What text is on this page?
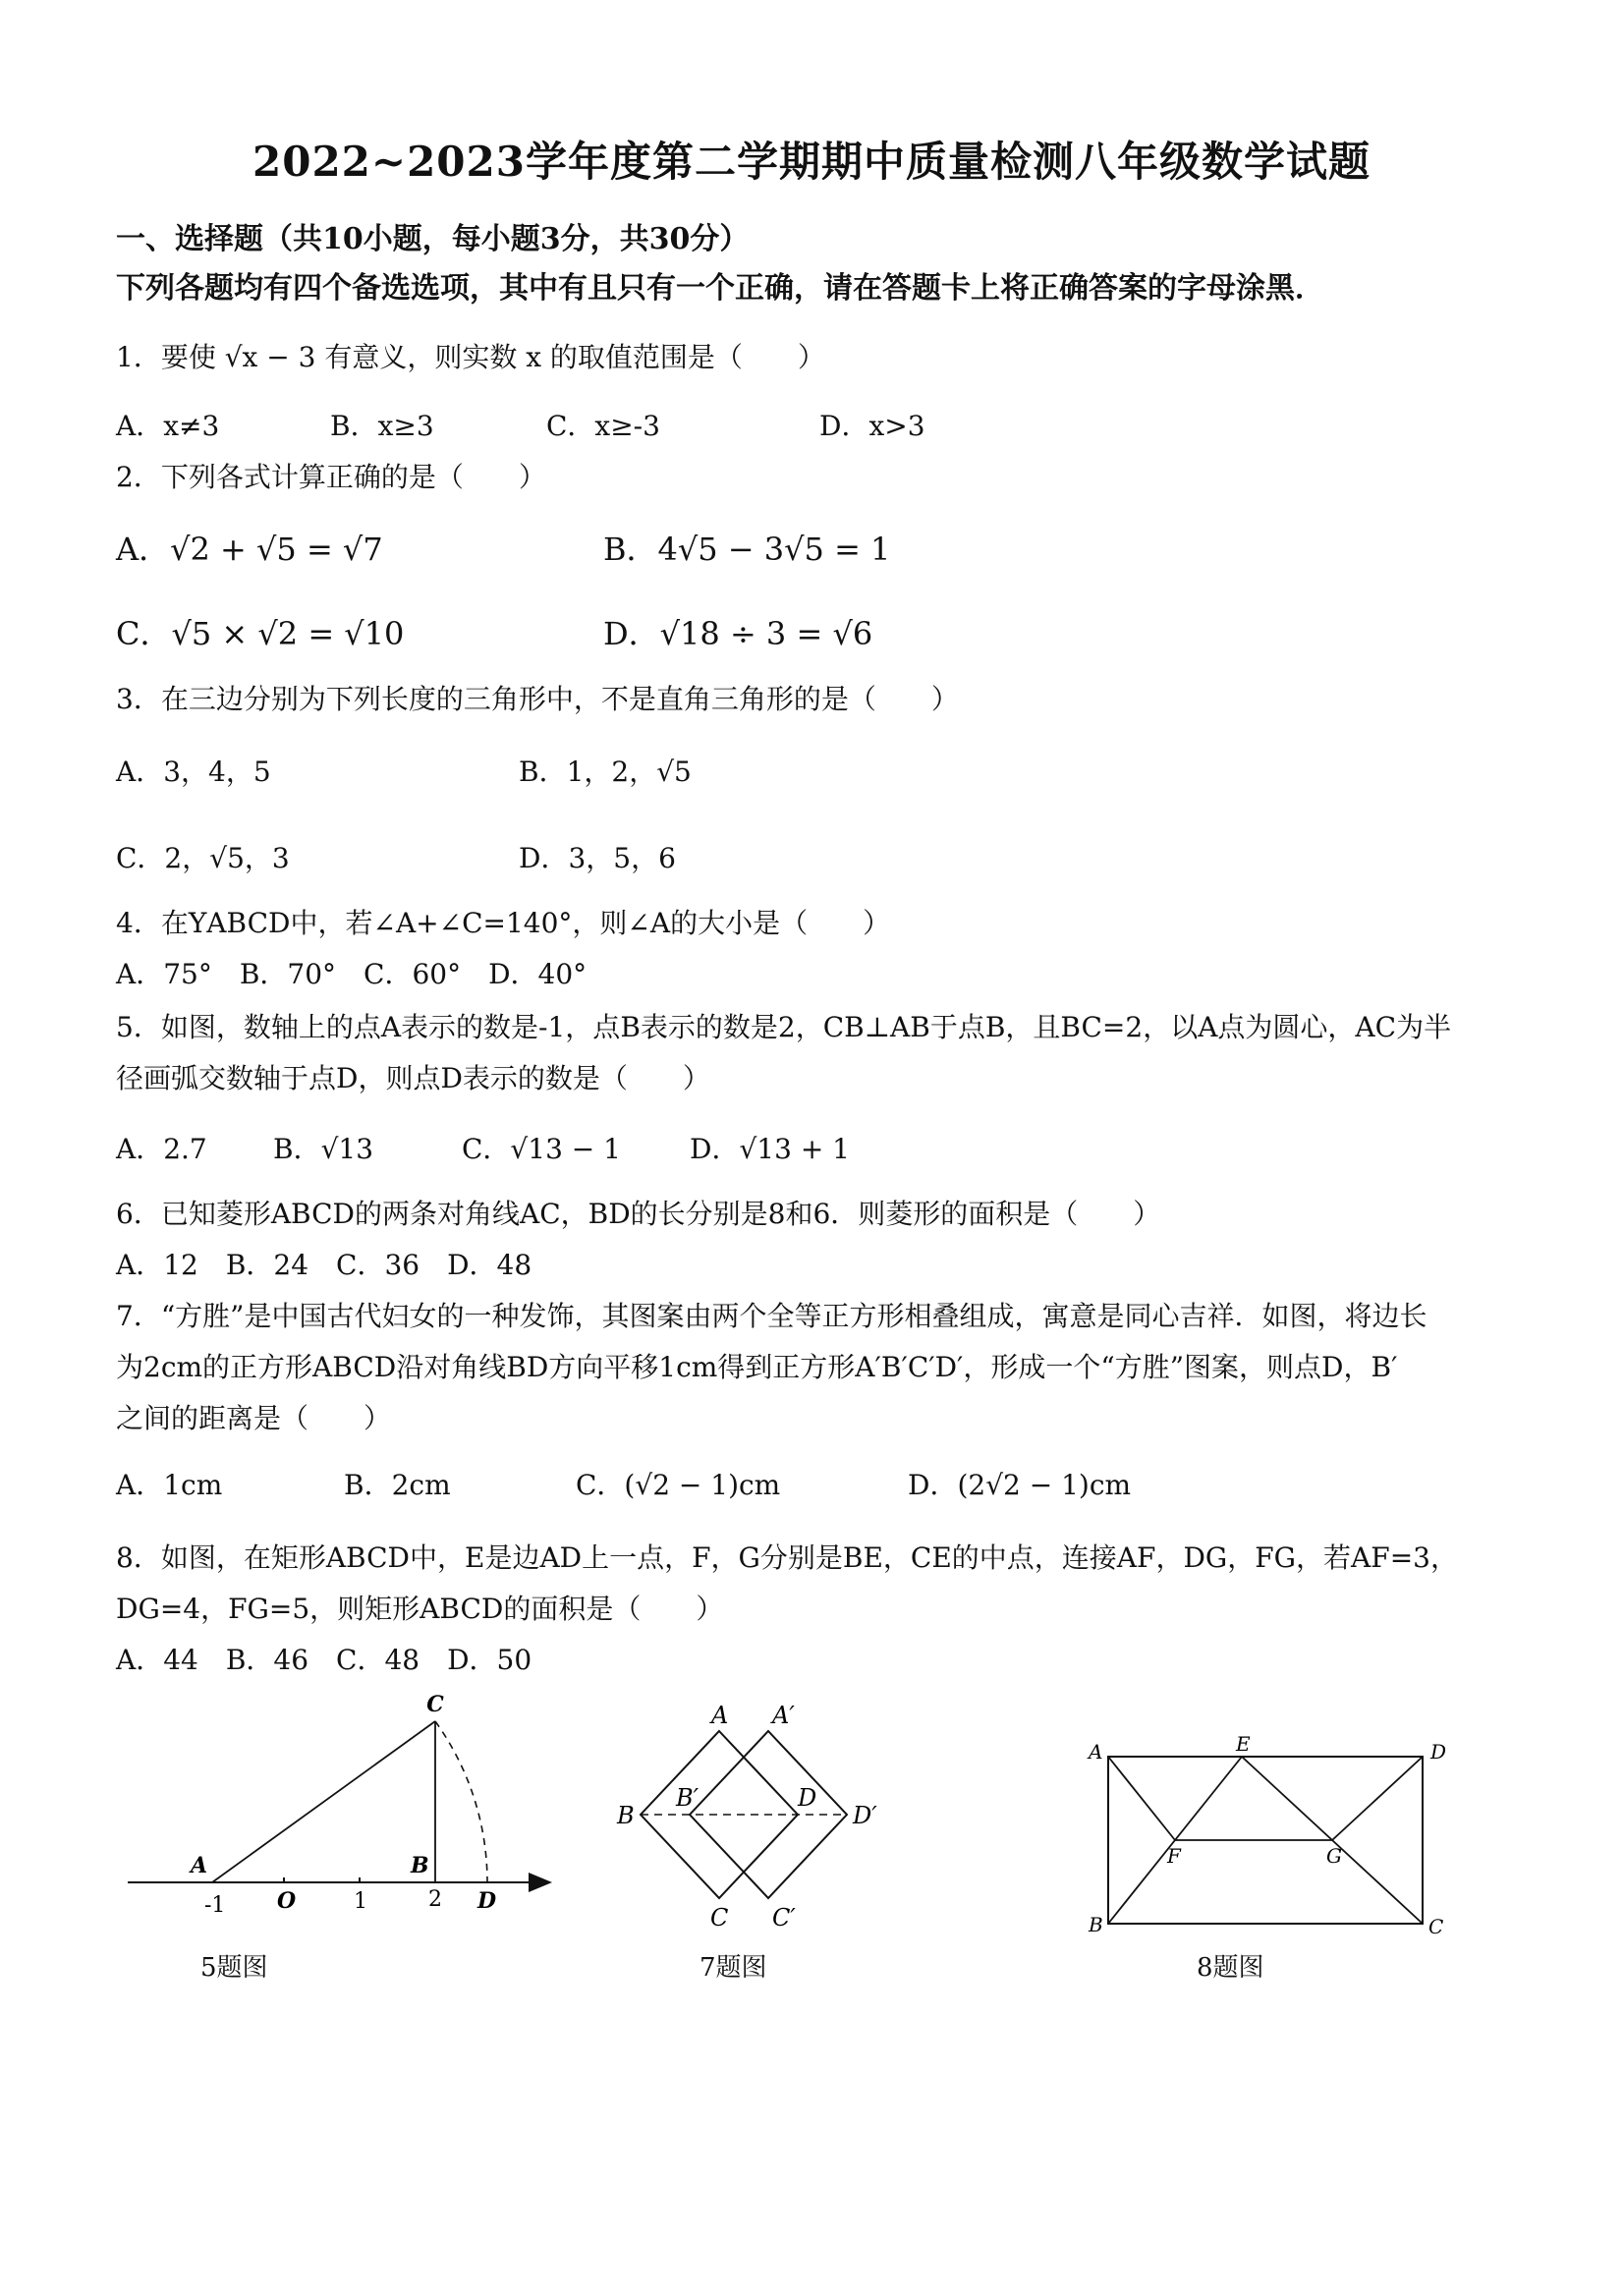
2022~2023学年度第二学期期中质量检测八年级数学试题
一、选择题（共10小题，每小题3分，共30分）
下列各题均有四个备选选项，其中有且只有一个正确，请在答题卡上将正确答案的字母涂黑．
1．要使 √x − 3 有意义，则实数 x 的取值范围是（　　）
A．x≠3	B．x≥3	C．x≥-3	D．x>3
2．下列各式计算正确的是（　　）
A．√2 + √5 = √7	B．4√5 − 3√5 = 1
C．√5 × √2 = √10	D．√18 ÷ 3 = √6
3．在三边分别为下列长度的三角形中，不是直角三角形的是（　　）
A．3，4，5	B．1，2，√5
C．2，√5，3	D．3，5，6
4．在ҮABCD中，若∠A+∠C=140°，则∠A的大小是（　　）
A．75°　B．70°　C．60°　D．40°
5．如图，数轴上的点A表示的数是-1，点B表示的数是2，CB⊥AB于点B，且BC=2，以A点为圆心，AC为半
径画弧交数轴于点D，则点D表示的数是（　　）
A．2.7 B．√13	C．√13 − 1	D．√13 + 1
6．已知菱形ABCD的两条对角线AC，BD的长分别是8和6．则菱形的面积是（　　）
A．12　B．24　C．36　D．48
7．“方胜”是中国古代妇女的一种发饰，其图案由两个全等正方形相叠组成，寓意是同心吉祥．如图，将边长
为2cm的正方形ABCD沿对角线BD方向平移1cm得到正方形A′B′C′D′，形成一个“方胜”图案，则点D，B′
之间的距离是（　　）
A．1cm	B．2cm	C．(√2 − 1)cm	D．(2√2 − 1)cm
8．如图，在矩形ABCD中，E是边AD上一点，F，G分别是BE，CE的中点，连接AF，DG，FG，若AF=3，
DG=4，FG=5，则矩形ABCD的面积是（　　）
A．44　B．46　C．48　D．50
C
A	B
-1 O	1	2 D
5题图
A A′
B
B′	D
D′
C C′
7题图
A	E	D
F	G
B	C
8题图
